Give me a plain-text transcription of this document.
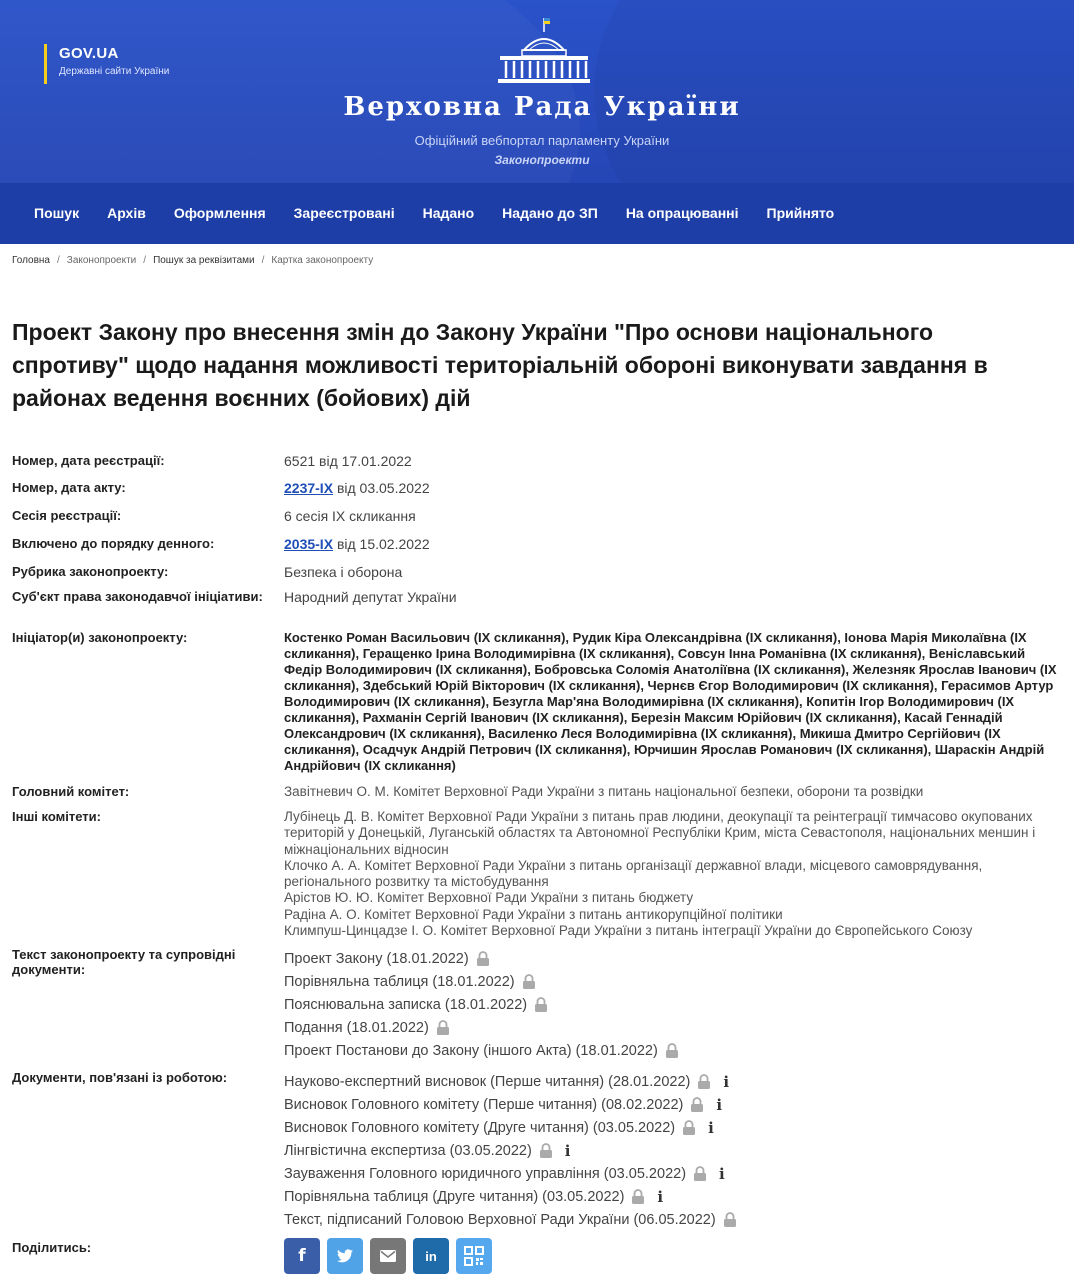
GOV.UA
Державні сайти України
Верховна Рада України
Офіційний вебпортал парламенту України
Законопроекти
Пошук	Архів	Оформлення	Зареєстровані	Надано	Надано до ЗП	На опрацюванні	Прийнято
Головна / Законопроекти / Пошук за реквізитами / Картка законопроекту
Проект Закону про внесення змін до Закону України "Про основи національного спротиву" щодо надання можливості територіальній обороні виконувати завдання в районах ведення воєнних (бойових) дій
Номер, дата реєстрації:	6521 від 17.01.2022
Номер, дата акту:	2237-IX від 03.05.2022
Сесія реєстрації:	6 сесія IX скликання
Включено до порядку денного:	2035-IX від 15.02.2022
Рубрика законопроекту:	Безпека і оборона
Суб'єкт права законодавчої ініціативи: Народний депутат України
Ініціатор(и) законопроекту:	Костенко Роман Васильович (IX скликання), Рудик Кіра Олександрівна (IX скликання), Іонова Марія Миколаївна (IX скликання), Геращенко Ірина Володимирівна (IX скликання), Совсун Інна Романівна (IX скликання), Веніславський Федір Володимирович (IX скликання), Бобровська Соломія Анатоліївна (IX скликання), Железняк Ярослав Іванович (IX скликання), Здебський Юрій Вікторович (IX скликання), Чернєв Єгор Володимирович (IX скликання), Герасимов Артур Володимирович (IX скликання), Безугла Мар'яна Володимирівна (IX скликання), Копитін Ігор Володимирович (IX скликання), Рахманін Сергій Іванович (IX скликання), Березін Максим Юрійович (IX скликання), Касай Геннадій Олександрович (IX скликання), Василенко Леся Володимирівна (IX скликання), Микиша Дмитро Сергійович (IX скликання), Осадчук Андрій Петрович (IX скликання), Юрчишин Ярослав Романович (IX скликання), Шараскін Андрій Андрійович (IX скликання)
Головний комітет:	Завітневич О. М. Комітет Верховної Ради України з питань національної безпеки, оборони та розвідки
Інші комітети:	Лубінець Д. В. Комітет Верховної Ради України з питань прав людини, деокупації та реінтеграції тимчасово окупованих територій у Донецькій, Луганській областях та Автономної Республіки Крим, міста Севастополя, національних меншин і міжнаціональних відносин
Клочко А. А. Комітет Верховної Ради України з питань організації державної влади, місцевого самоврядування, регіонального розвитку та містобудування
Арістов Ю. Ю. Комітет Верховної Ради України з питань бюджету
Радіна А. О. Комітет Верховної Ради України з питань антикорупційної політики
Климпуш-Цинцадзе І. О. Комітет Верховної Ради України з питань інтеграції України до Європейського Союзу
Текст законопроекту та супровідні документи:
Проект Закону (18.01.2022)
Порівняльна таблиця (18.01.2022)
Пояснювальна записка (18.01.2022)
Подання (18.01.2022)
Проект Постанови до Закону (іншого Акта) (18.01.2022)
Документи, пов'язані із роботою:	Науково-експертний висновок (Перше читання) (28.01.2022) i
Висновок Головного комітету (Перше читання) (08.02.2022) i
Висновок Головного комітету (Друге читання) (03.05.2022) i
Лінгвістична експертиза (03.05.2022) i
Зауваження Головного юридичного управління (03.05.2022) i
Порівняльна таблиця (Друге читання) (03.05.2022) i
Текст, підписаний Головою Верховної Ради України (06.05.2022)
Поділитись:	f	in
